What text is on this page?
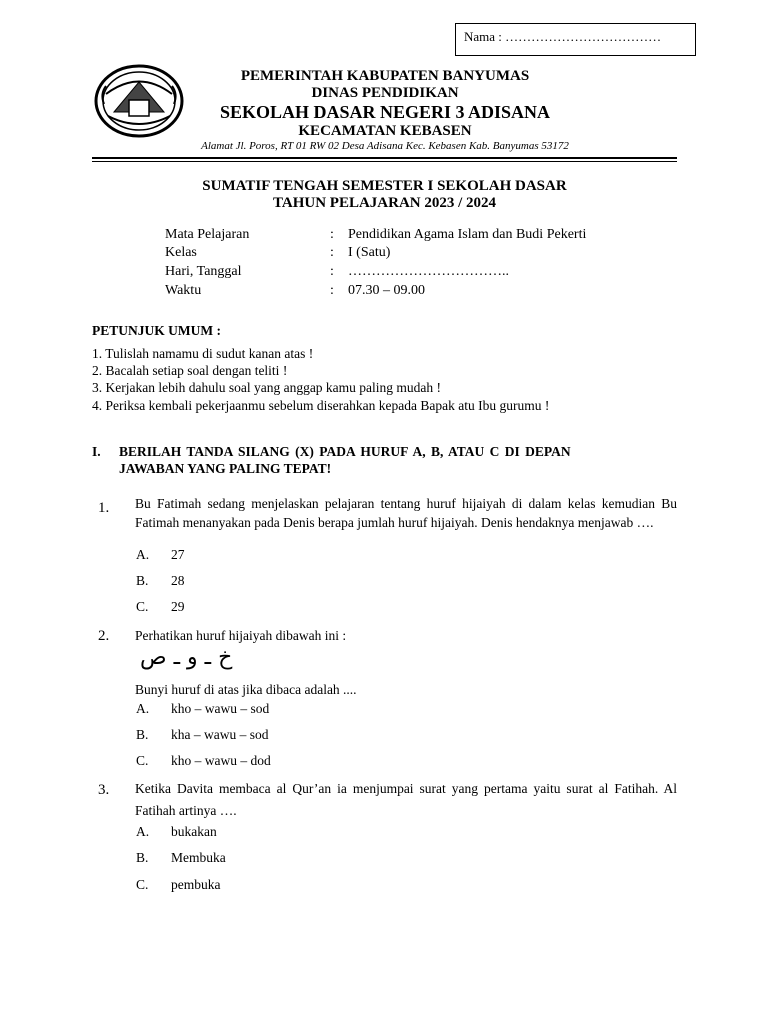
Nama : ………………………………
PEMERINTAH KABUPATEN BANYUMAS
DINAS PENDIDIKAN
SEKOLAH DASAR NEGERI 3 ADISANA
KECAMATAN KEBASEN
Alamat Jl. Poros, RT 01 RW 02 Desa Adisana Kec. Kebasen Kab. Banyumas 53172
SUMATIF TENGAH SEMESTER I SEKOLAH DASAR
TAHUN PELAJARAN 2023 / 2024
Mata Pelajaran	: Pendidikan Agama Islam dan Budi Pekerti
Kelas	: I (Satu)
Hari, Tanggal	: ……………………………..
Waktu	: 07.30 – 09.00
PETUNJUK UMUM :
1. Tulislah namamu di sudut kanan atas !
2. Bacalah setiap soal dengan teliti !
3. Kerjakan lebih dahulu soal yang anggap kamu paling mudah !
4. Periksa kembali pekerjaanmu sebelum diserahkan kepada Bapak atu Ibu gurumu !
I.	BERILAH TANDA SILANG (X) PADA HURUF A, B, ATAU C DI DEPAN
JAWABAN YANG PALING TEPAT!
1. Bu Fatimah sedang menjelaskan pelajaran tentang huruf hijaiyah di dalam kelas kemudian Bu Fatimah menanyakan pada Denis berapa jumlah huruf hijaiyah. Denis hendaknya menjawab ….
A. 27
B. 28
C. 29
2. Perhatikan huruf hijaiyah dibawah ini :
خ ـ و ـ ص
Bunyi huruf di atas jika dibaca adalah ....
A. kho – wawu – sod
B. kha – wawu – sod
C. kho – wawu – dod
3. Ketika Davita membaca al Qur’an ia menjumpai surat yang pertama yaitu surat al Fatihah. Al Fatihah artinya ….
A. bukakan
B. Membuka
C. pembuka
